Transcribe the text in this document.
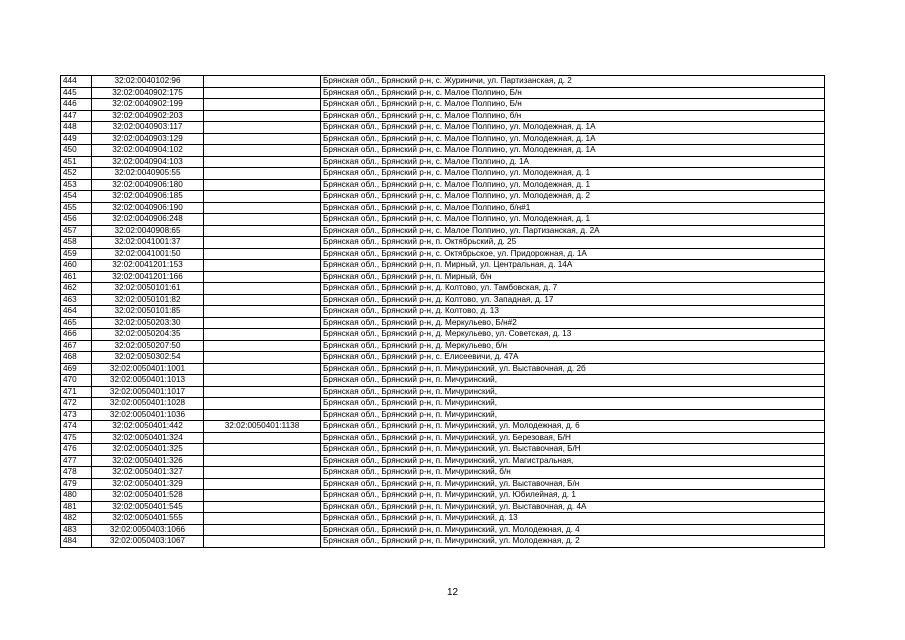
444	32:02:0040102:96		Брянская обл., Брянский р-н, с. Журиничи, ул. Партизанская, д. 2
445	32:02:0040902:175		Брянская обл., Брянский р-н, с. Малое Полпино, Б/н
446	32:02:0040902:199		Брянская обл., Брянский р-н, с. Малое Полпино, Б/н
447	32:02:0040902:203		Брянская обл., Брянский р-н, с. Малое Полпино, б/н
448	32:02:0040903:117		Брянская обл., Брянский р-н, с. Малое Полпино, ул. Молодежная, д. 1А
449	32:02:0040903:129		Брянская обл., Брянский р-н, с. Малое Полпино, ул. Молодежная, д. 1А
450	32:02:0040904:102		Брянская обл., Брянский р-н, с. Малое Полпино, ул. Молодежная, д. 1А
451	32:02:0040904:103		Брянская обл., Брянский р-н, с. Малое Полпино, д. 1А
452	32:02:0040905:55		Брянская обл., Брянский р-н, с. Малое Полпино, ул. Молодежная, д. 1
453	32:02:0040906:180		Брянская обл., Брянский р-н, с. Малое Полпино, ул. Молодежная, д. 1
454	32:02:0040906:185		Брянская обл., Брянский р-н, с. Малое Полпино, ул. Молодежная, д. 2
455	32:02:0040906:190		Брянская обл., Брянский р-н, с. Малое Полпино, б/н#1
456	32:02:0040906:248		Брянская обл., Брянский р-н, с. Малое Полпино, ул. Молодежная, д. 1
457	32:02:0040908:65		Брянская обл., Брянский р-н, с. Малое Полпино, ул. Партизанская, д. 2А
458	32:02:0041001:37		Брянская обл., Брянский р-н, п. Октябрьский, д. 25
459	32:02:0041001:50		Брянская обл., Брянский р-н, с. Октябрьское, ул. Придорожная, д. 1А
460	32:02:0041201:153		Брянская обл., Брянский р-н, п. Мирный, ул. Центральная, д. 14А
461	32:02:0041201:166		Брянская обл., Брянский р-н, п. Мирный, б/н
462	32:02:0050101:61		Брянская обл., Брянский р-н, д. Колтово, ул. Тамбовская, д. 7
463	32:02:0050101:82		Брянская обл., Брянский р-н, д. Колтово, ул. Западная, д. 17
464	32:02:0050101:85		Брянская обл., Брянский р-н, д. Колтово, д. 13
465	32:02:0050203:30		Брянская обл., Брянский р-н, д. Меркульево, Б/н#2
466	32:02:0050204:35		Брянская обл., Брянский р-н, д. Меркульево, ул. Советская, д. 13
467	32:02:0050207:50		Брянская обл., Брянский р-н, д. Меркульево, б/н
468	32:02:0050302:54		Брянская обл., Брянский р-н, с. Елисеевичи, д. 47А
469	32:02:0050401:1001		Брянская обл., Брянский р-н, п. Мичуринский, ул. Выставочная, д. 2б
470	32:02:0050401:1013		Брянская обл., Брянский р-н, п. Мичуринский,
471	32:02:0050401:1017		Брянская обл., Брянский р-н, п. Мичуринский,
472	32:02:0050401:1028		Брянская обл., Брянский р-н, п. Мичуринский,
473	32:02:0050401:1036		Брянская обл., Брянский р-н, п. Мичуринский,
474	32:02:0050401:442	32:02:0050401:1138	Брянская обл., Брянский р-н, п. Мичуринский, ул. Молодежная, д. 6
475	32:02:0050401:324		Брянская обл., Брянский р-н, п. Мичуринский, ул. Березовая, Б/Н
476	32:02:0050401:325		Брянская обл., Брянский р-н, п. Мичуринский, ул. Выставочная, Б/Н
477	32:02:0050401:326		Брянская обл., Брянский р-н, п. Мичуринский, ул. Магистральная,
478	32:02:0050401:327		Брянская обл., Брянский р-н, п. Мичуринский, б/н
479	32:02:0050401:329		Брянская обл., Брянский р-н, п. Мичуринский, ул. Выставочная, Б/н
480	32:02:0050401:528		Брянская обл., Брянский р-н, п. Мичуринский, ул. Юбилейная, д. 1
481	32:02:0050401:545		Брянская обл., Брянский р-н, п. Мичуринский, ул. Выставочная, д. 4А
482	32:02:0050401:555		Брянская обл., Брянский р-н, п. Мичуринский, д. 13
483	32:02:0050403:1066		Брянская обл., Брянский р-н, п. Мичуринский, ул. Молодежная, д. 4
484	32:02:0050403:1067		Брянская обл., Брянский р-н, п. Мичуринский, ул. Молодежная, д. 2
12
